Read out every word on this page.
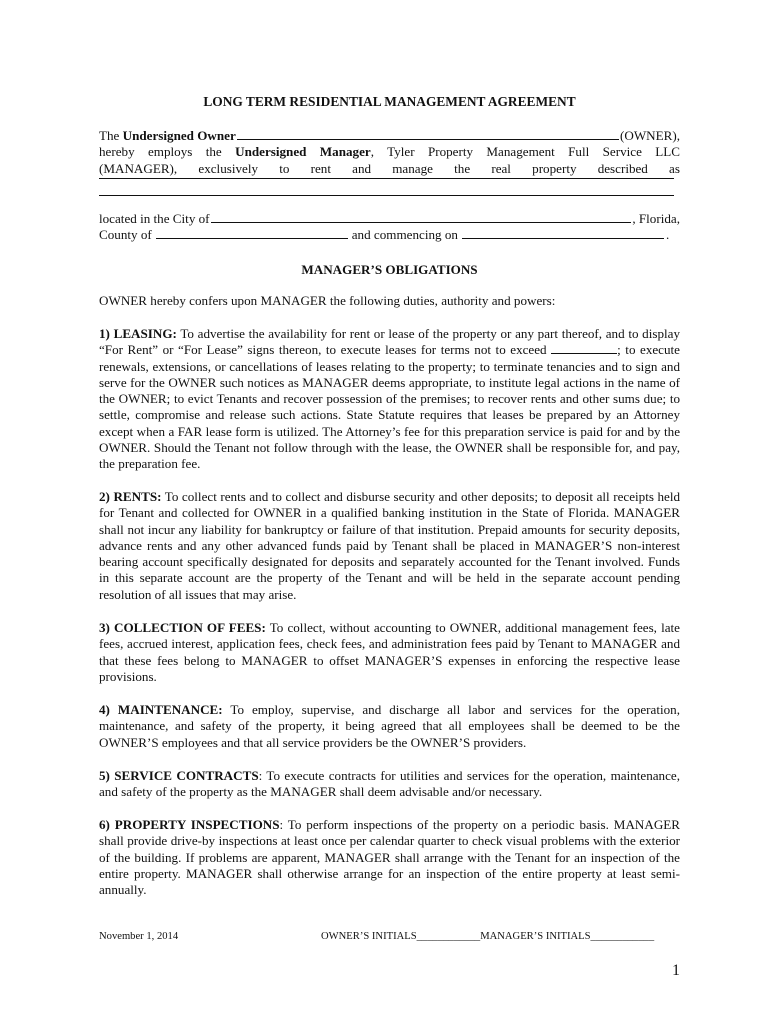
LONG TERM RESIDENTIAL MANAGEMENT AGREEMENT
The Undersigned Owner	(OWNER),
hereby employs the Undersigned Manager, Tyler Property Management Full Service LLC
(MANAGER), exclusively to rent and manage the real property described as
located in the City of	, Florida,
County of	and commencing on	.
MANAGER’S OBLIGATIONS
OWNER hereby confers upon MANAGER the following duties, authority and powers:
1) LEASING: To advertise the availability for rent or lease of the property or any part thereof, and to display “For Rent” or “For Lease” signs thereon, to execute leases for terms not to exceed	; to execute renewals, extensions, or cancellations of leases relating to the property; to terminate tenancies and to sign and serve for the OWNER such notices as MANAGER deems appropriate, to institute legal actions in the name of the OWNER; to evict Tenants and recover possession of the premises; to recover rents and other sums due; to settle, compromise and release such actions. State Statute requires that leases be prepared by an Attorney except when a FAR lease form is utilized. The Attorney’s fee for this preparation service is paid for and by the OWNER. Should the Tenant not follow through with the lease, the OWNER shall be responsible for, and pay, the preparation fee.
2) RENTS: To collect rents and to collect and disburse security and other deposits; to deposit all receipts held for Tenant and collected for OWNER in a qualified banking institution in the State of Florida. MANAGER shall not incur any liability for bankruptcy or failure of that institution. Prepaid amounts for security deposits, advance rents and any other advanced funds paid by Tenant shall be placed in MANAGER’S non-interest bearing account specifically designated for deposits and separately accounted for the Tenant involved. Funds in this separate account are the property of the Tenant and will be held in the separate account pending resolution of all issues that may arise.
3) COLLECTION OF FEES: To collect, without accounting to OWNER, additional management fees, late fees, accrued interest, application fees, check fees, and administration fees paid by Tenant to MANAGER and that these fees belong to MANAGER to offset MANAGER’S expenses in enforcing the respective lease provisions.
4) MAINTENANCE: To employ, supervise, and discharge all labor and services for the operation, maintenance, and safety of the property, it being agreed that all employees shall be deemed to be the OWNER’S employees and that all service providers be the OWNER’S providers.
5) SERVICE CONTRACTS: To execute contracts for utilities and services for the operation, maintenance, and safety of the property as the MANAGER shall deem advisable and/or necessary.
6) PROPERTY INSPECTIONS: To perform inspections of the property on a periodic basis. MANAGER shall provide drive-by inspections at least once per calendar quarter to check visual problems with the exterior of the building. If problems are apparent, MANAGER shall arrange with the Tenant for an inspection of the entire property. MANAGER shall otherwise arrange for an inspection of the entire property at least semi-annually.
November 1, 2014	OWNER’S INITIALS____________MANAGER’S INITIALS____________
1
